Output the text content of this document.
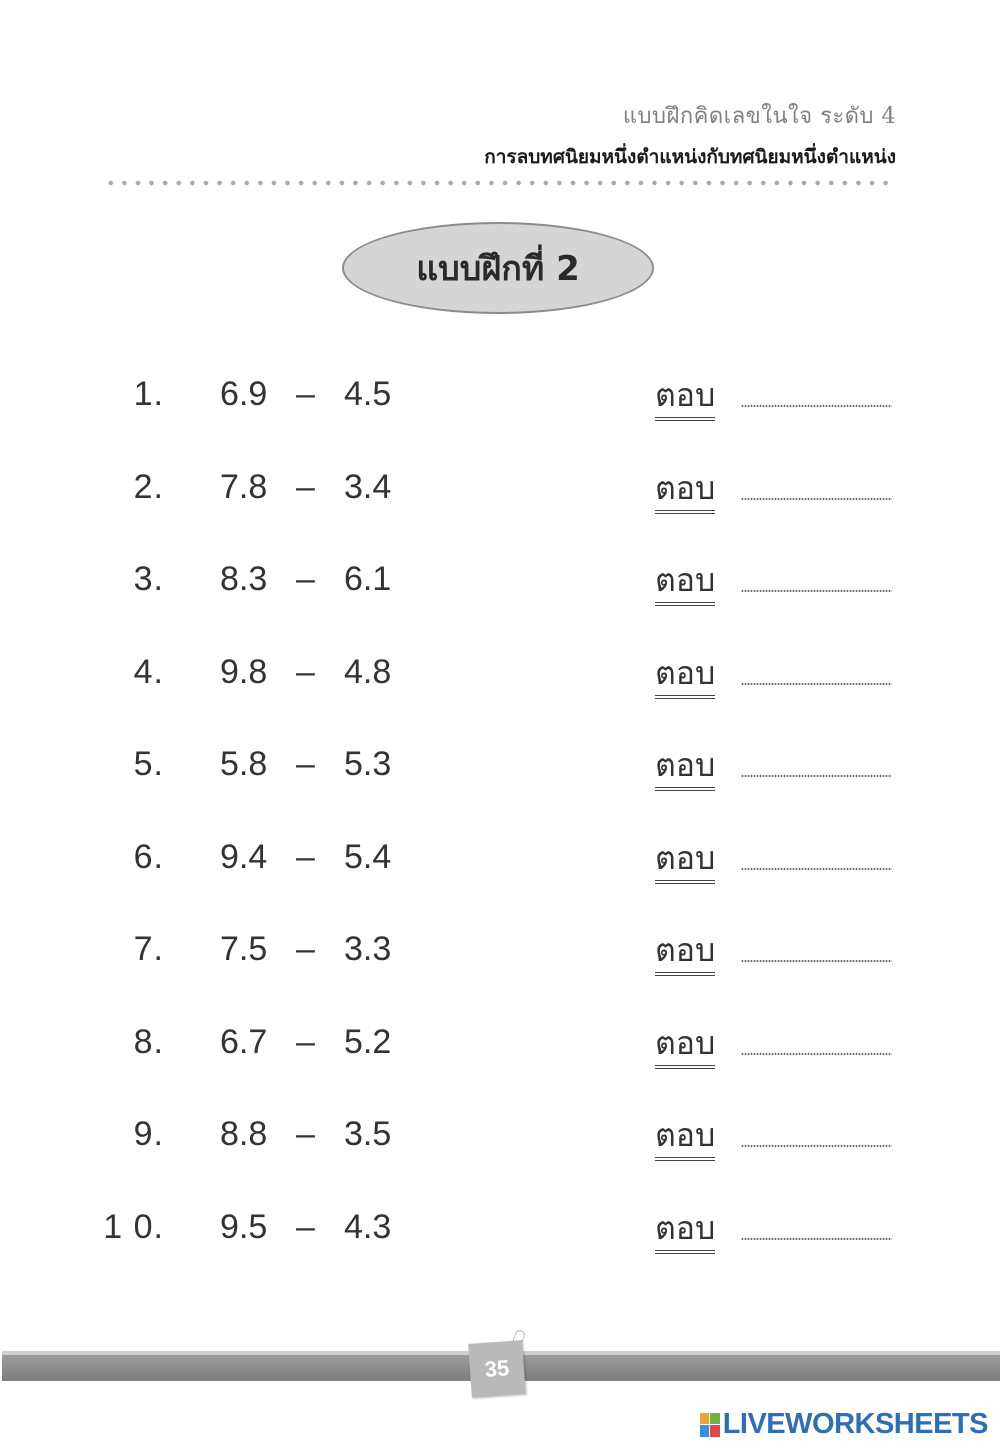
แบบฝึกคิดเลขในใจ ระดับ 4
การลบทศนิยมหนึ่งตำแหน่งกับทศนิยมหนึ่งตำแหน่ง
แบบฝึกที่ 2
1. 6.9 – 4.5	ตอบ
2. 7.8 – 3.4	ตอบ
3. 8.3 – 6.1	ตอบ
4. 9.8 – 4.8	ตอบ
5. 5.8 – 5.3	ตอบ
6. 9.4 – 5.4	ตอบ
7. 7.5 – 3.3	ตอบ
8. 6.7 – 5.2	ตอบ
9. 8.8 – 3.5	ตอบ
1 0. 9.5 – 4.3	ตอบ
35
LIVEWORKSHEETS
